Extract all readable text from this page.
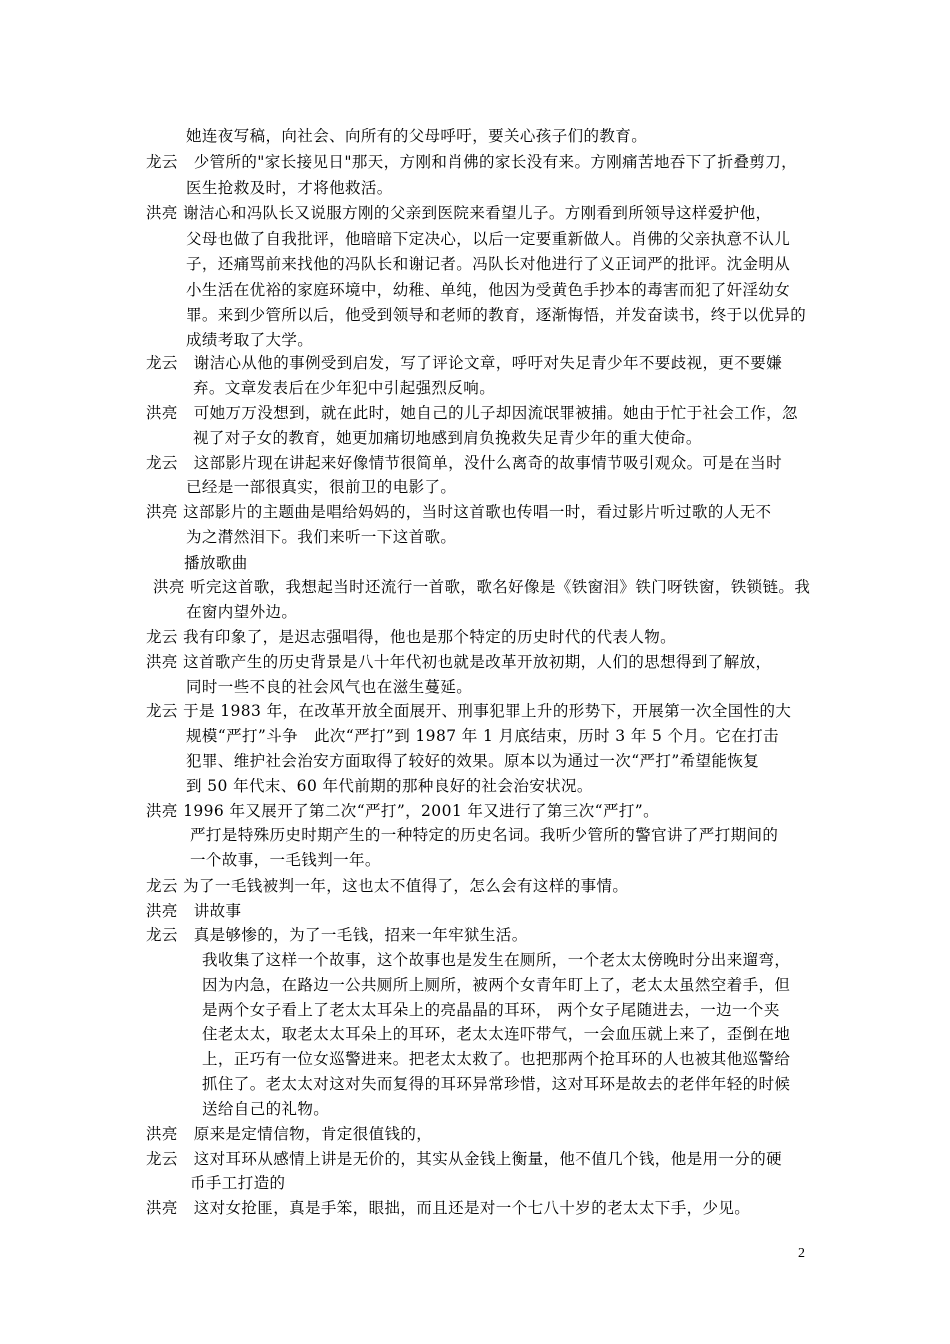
她连夜写稿，向社会、向所有的父母呼吁，要关心孩子们的教育。
龙云　少管所的"家长接见日"那天，方刚和肖佛的家长没有来。方刚痛苦地吞下了折叠剪刀，
医生抢救及时，才将他救活。
洪亮 谢洁心和冯队长又说服方刚的父亲到医院来看望儿子。方刚看到所领导这样爱护他，
父母也做了自我批评，他暗暗下定决心，以后一定要重新做人。肖佛的父亲执意不认儿
子，还痛骂前来找他的冯队长和谢记者。冯队长对他进行了义正词严的批评。沈金明从
小生活在优裕的家庭环境中，幼稚、单纯，他因为受黄色手抄本的毒害而犯了奸淫幼女
罪。来到少管所以后，他受到领导和老师的教育，逐渐悔悟，并发奋读书，终于以优异的
成绩考取了大学。
龙云　谢洁心从他的事例受到启发，写了评论文章，呼吁对失足青少年不要歧视，更不要嫌
弃。文章发表后在少年犯中引起强烈反响。
洪亮　可她万万没想到，就在此时，她自己的儿子却因流氓罪被捕。她由于忙于社会工作，忽
视了对子女的教育，她更加痛切地感到肩负挽救失足青少年的重大使命。
龙云　这部影片现在讲起来好像情节很简单，没什么离奇的故事情节吸引观众。可是在当时
已经是一部很真实，很前卫的电影了。
洪亮 这部影片的主题曲是唱给妈妈的，当时这首歌也传唱一时，看过影片听过歌的人无不
为之潸然泪下。我们来听一下这首歌。
播放歌曲
洪亮 听完这首歌，我想起当时还流行一首歌，歌名好像是《铁窗泪》铁门呀铁窗，铁锁链。我
在窗内望外边。
龙云 我有印象了，是迟志强唱得，他也是那个特定的历史时代的代表人物。
洪亮 这首歌产生的历史背景是八十年代初也就是改革开放初期，人们的思想得到了解放，
同时一些不良的社会风气也在滋生蔓延。
龙云 于是 1983 年，在改革开放全面展开、刑事犯罪上升的形势下，开展第一次全国性的大
规模“严打”斗争　此次“严打”到 1987 年 1 月底结束，历时 3 年 5 个月。它在打击
犯罪、维护社会治安方面取得了较好的效果。原本以为通过一次“严打”希望能恢复
到 50 年代末、60 年代前期的那种良好的社会治安状况。
洪亮 1996 年又展开了第二次“严打”，2001 年又进行了第三次“严打”。
严打是特殊历史时期产生的一种特定的历史名词。我听少管所的警官讲了严打期间的
一个故事，一毛钱判一年。
龙云 为了一毛钱被判一年，这也太不值得了，怎么会有这样的事情。
洪亮　讲故事
龙云　真是够惨的，为了一毛钱，招来一年牢狱生活。
我收集了这样一个故事，这个故事也是发生在厕所，一个老太太傍晚时分出来遛弯，
因为内急，在路边一公共厕所上厕所，被两个女青年盯上了，老太太虽然空着手，但
是两个女子看上了老太太耳朵上的亮晶晶的耳环， 两个女子尾随进去，一边一个夹
住老太太，取老太太耳朵上的耳环，老太太连吓带气，一会血压就上来了，歪倒在地
上，正巧有一位女巡警进来。把老太太救了。也把那两个抢耳环的人也被其他巡警给
抓住了。老太太对这对失而复得的耳环异常珍惜，这对耳环是故去的老伴年轻的时候
送给自己的礼物。
洪亮　原来是定情信物，肯定很值钱的，
龙云　这对耳环从感情上讲是无价的，其实从金钱上衡量，他不值几个钱，他是用一分的硬
币手工打造的
洪亮　这对女抢匪，真是手笨，眼拙，而且还是对一个七八十岁的老太太下手，少见。
2
